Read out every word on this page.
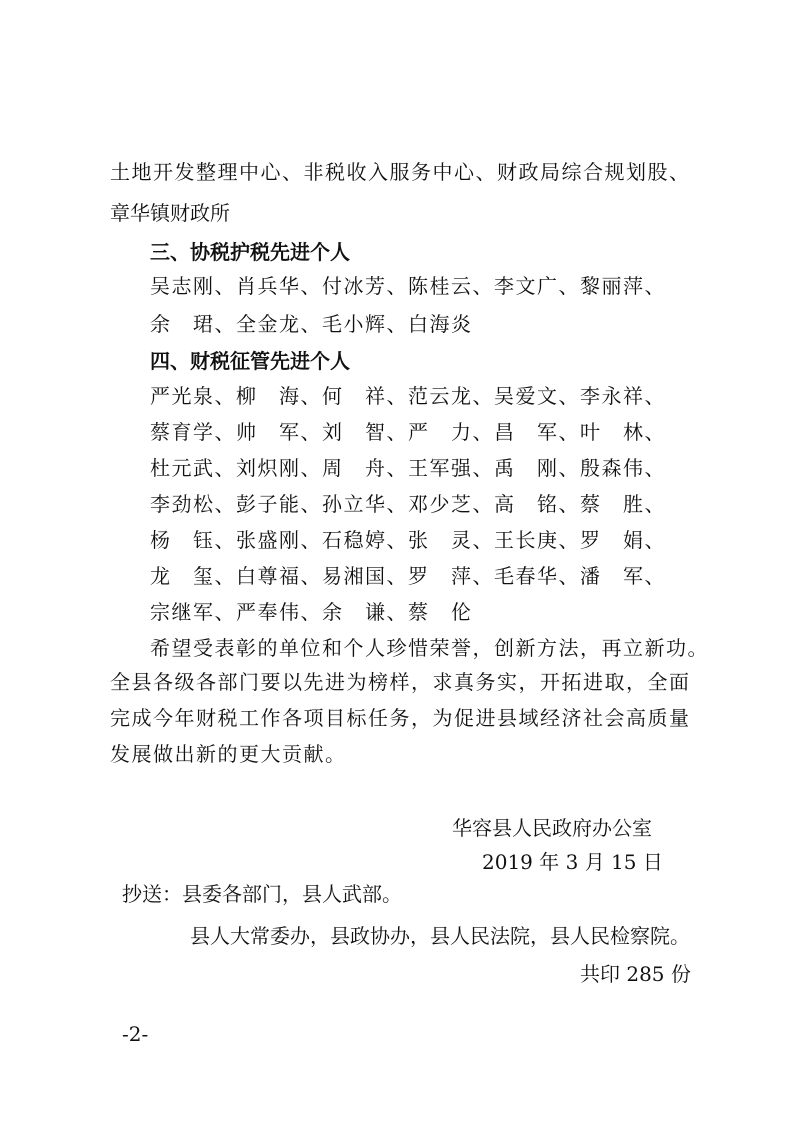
土地开发整理中心、非税收入服务中心、财政局综合规划股、
章华镇财政所
三、协税护税先进个人
吴志刚、肖兵华、付冰芳、陈桂云、李文广、黎丽萍、
余　珺、全金龙、毛小辉、白海炎
四、财税征管先进个人
严光泉、柳　海、何　祥、范云龙、吴爱文、李永祥、
蔡育学、帅　军、刘　智、严　力、昌　军、叶　林、
杜元武、刘炽刚、周　舟、王军强、禹　刚、殷森伟、
李劲松、彭子能、孙立华、邓少芝、高　铭、蔡　胜、
杨　钰、张盛刚、石稳婷、张　灵、王长庚、罗　娟、
龙　玺、白尊福、易湘国、罗　萍、毛春华、潘　军、
宗继军、严奉伟、余　谦、蔡　伦
希望受表彰的单位和个人珍惜荣誉，创新方法，再立新功。
全县各级各部门要以先进为榜样，求真务实，开拓进取，全面
完成今年财税工作各项目标任务，为促进县域经济社会高质量
发展做出新的更大贡献。
华容县人民政府办公室
2019 年 3 月 15 日
抄送：县委各部门，县人武部。
县人大常委办，县政协办，县人民法院，县人民检察院。
共印 285 份
-2-
